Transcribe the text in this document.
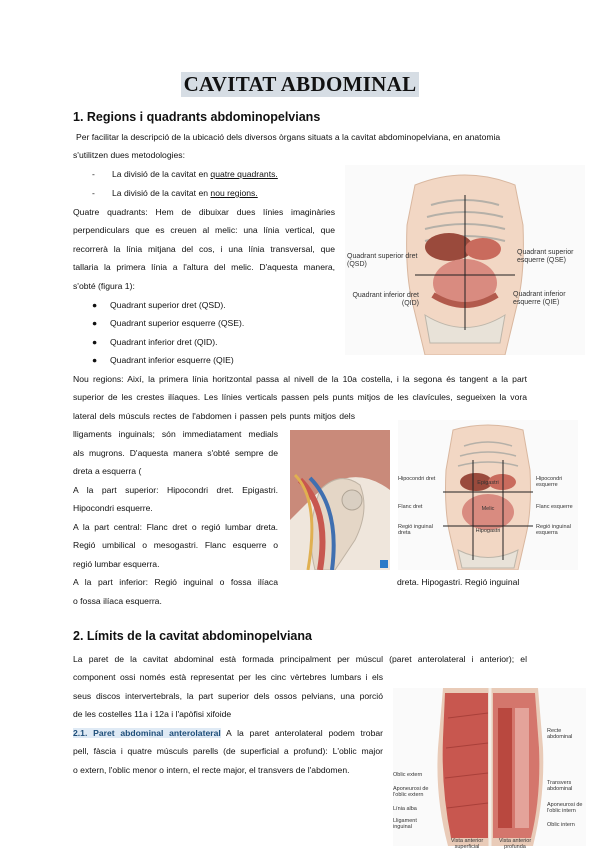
CAVITAT ABDOMINAL
1. Regions i quadrants abdominopelvians
Per facilitar la descripció de la ubicació dels diversos òrgans situats a la cavitat abdominopelviana, en anatomia
s'utilitzen dues metodologies:
- La divisió de la cavitat en quatre quadrants.
- La divisió de la cavitat en nou regions.
Quatre quadrants: Hem de dibuixar dues línies imaginàries
perpendiculars que es creuen al melic: una línia vertical, que
recorrerà la línia mitjana del cos, i una línia transversal, que
tallaria la primera línia a l'altura del melic. D'aquesta manera,
s'obté (figura 1):
● Quadrant superior dret (QSD).
● Quadrant superior esquerre (QSE).
● Quadrant inferior dret (QID).
● Quadrant inferior esquerre (QIE)
Nou regions: Així, la primera línia horitzontal passa al nivell de la 10a costella, i la segona és tangent a la part
superior de les crestes ilíaques. Les línies verticals passen pels punts mitjos de les clavícules, segueixen la vora
lateral dels músculs rectes de l'abdomen i passen pels punts mitjos dels
lligaments inguinals; són immediatament medials
als mugrons. D'aquesta manera s'obté sempre de
dreta a esquerra (
A la part superior: Hipocondri dret. Epigastri.
Hipocondri esquerre.
A la part central: Flanc dret o regió lumbar dreta.
Regió umbilical o mesogastri. Flanc esquerre o
regió lumbar esquerra.
A la part inferior: Regió inguinal o fossa ilíaca	dreta. Hipogastri. Regió inguinal
o fossa ilíaca esquerra.
2. Límits de la cavitat abdominopelviana
La paret de la cavitat abdominal està formada principalment per múscul (paret anterolateral i anterior); el
component ossi només està representat per les cinc vèrtebres lumbars i els
seus discos intervertebrals, la part superior dels ossos pelvians, una porció
de les costelles 11a i 12a i l'apòfisi xifoide
2.1. Paret abdominal anterolateral A la paret anterolateral podem trobar
pell, fàscia i quatre músculs parells (de superficial a profund): L'oblic major
o extern, l'oblic menor o intern, el recte major, el transvers de l'abdomen.
Quadrant superior dret (QSD)
Quadrant inferior dret (QID)
Quadrant superior esquerre (QSE)
Quadrant inferior esquerre (QIE)
Hipocondri dret
Flanc dret
Regió inguinal dreta
Epigastri
Melic
Hipogastri
Hipocondri esquerre
Flanc esquerre
Regió inguinal esquerra
Oblic extern
Aponeurosi de l'oblic extern
Línia alba
Lligament inguinal
Recte abdominal
Transvers abdominal
Aponeurosi de l'oblic intern
Oblic intern
Vista anterior superficial
Vista anterior profunda
